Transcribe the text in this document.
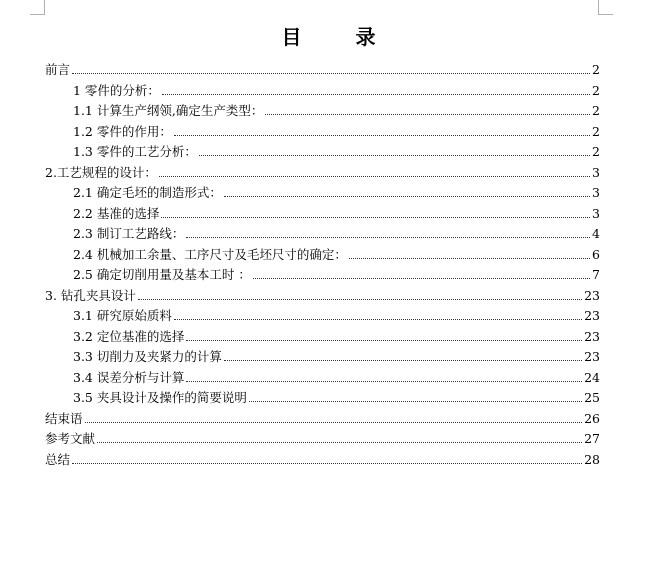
目	录
前言	2
1 零件的分析：	2
1.1 计算生产纲领,确定生产类型：	2
1.2 零件的作用：	2
1.3 零件的工艺分析：	2
2.工艺规程的设计：	3
2.1 确定毛坯的制造形式：	3
2.2 基准的选择	3
2.3 制订工艺路线：	4
2.4 机械加工余量、工序尺寸及毛坯尺寸的确定：	6
2.5 确定切削用量及基本工时 ：	7
3. 钻孔夹具设计	23
3.1 研究原始质料	23
3.2 定位基准的选择	23
3.3 切削力及夹紧力的计算	23
3.4 误差分析与计算	24
3.5 夹具设计及操作的简要说明	25
结束语	26
参考文献	27
总结	28
